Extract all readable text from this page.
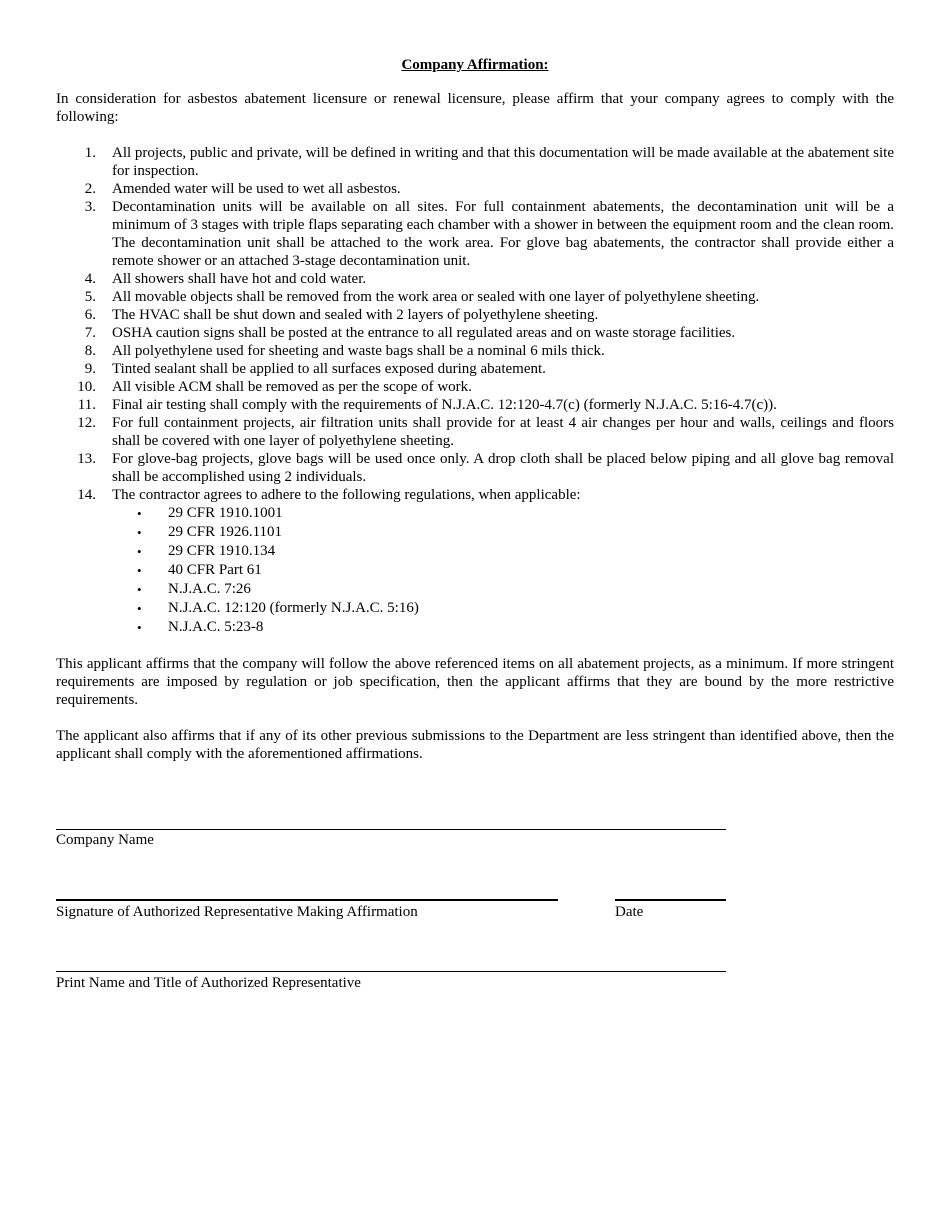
Company Affirmation:
In consideration for asbestos abatement licensure or renewal licensure, please affirm that your company agrees to comply with the following:
1. All projects, public and private, will be defined in writing and that this documentation will be made available at the abatement site for inspection.
2. Amended water will be used to wet all asbestos.
3. Decontamination units will be available on all sites. For full containment abatements, the decontamination unit will be a minimum of 3 stages with triple flaps separating each chamber with a shower in between the equipment room and the clean room. The decontamination unit shall be attached to the work area. For glove bag abatements, the contractor shall provide either a remote shower or an attached 3-stage decontamination unit.
4. All showers shall have hot and cold water.
5. All movable objects shall be removed from the work area or sealed with one layer of polyethylene sheeting.
6. The HVAC shall be shut down and sealed with 2 layers of polyethylene sheeting.
7. OSHA caution signs shall be posted at the entrance to all regulated areas and on waste storage facilities.
8. All polyethylene used for sheeting and waste bags shall be a nominal 6 mils thick.
9. Tinted sealant shall be applied to all surfaces exposed during abatement.
10. All visible ACM shall be removed as per the scope of work.
11. Final air testing shall comply with the requirements of N.J.A.C. 12:120-4.7(c) (formerly N.J.A.C. 5:16-4.7(c)).
12. For full containment projects, air filtration units shall provide for at least 4 air changes per hour and walls, ceilings and floors shall be covered with one layer of polyethylene sheeting.
13. For glove-bag projects, glove bags will be used once only. A drop cloth shall be placed below piping and all glove bag removal shall be accomplished using 2 individuals.
14. The contractor agrees to adhere to the following regulations, when applicable:
• 29 CFR 1910.1001
• 29 CFR 1926.1101
• 29 CFR 1910.134
• 40 CFR Part 61
• N.J.A.C. 7:26
• N.J.A.C. 12:120 (formerly N.J.A.C. 5:16)
• N.J.A.C. 5:23-8
This applicant affirms that the company will follow the above referenced items on all abatement projects, as a minimum. If more stringent requirements are imposed by regulation or job specification, then the applicant affirms that they are bound by the more restrictive requirements.
The applicant also affirms that if any of its other previous submissions to the Department are less stringent than identified above, then the applicant shall comply with the aforementioned affirmations.
Company Name
Signature of Authorized Representative Making Affirmation	Date
Print Name and Title of Authorized Representative
